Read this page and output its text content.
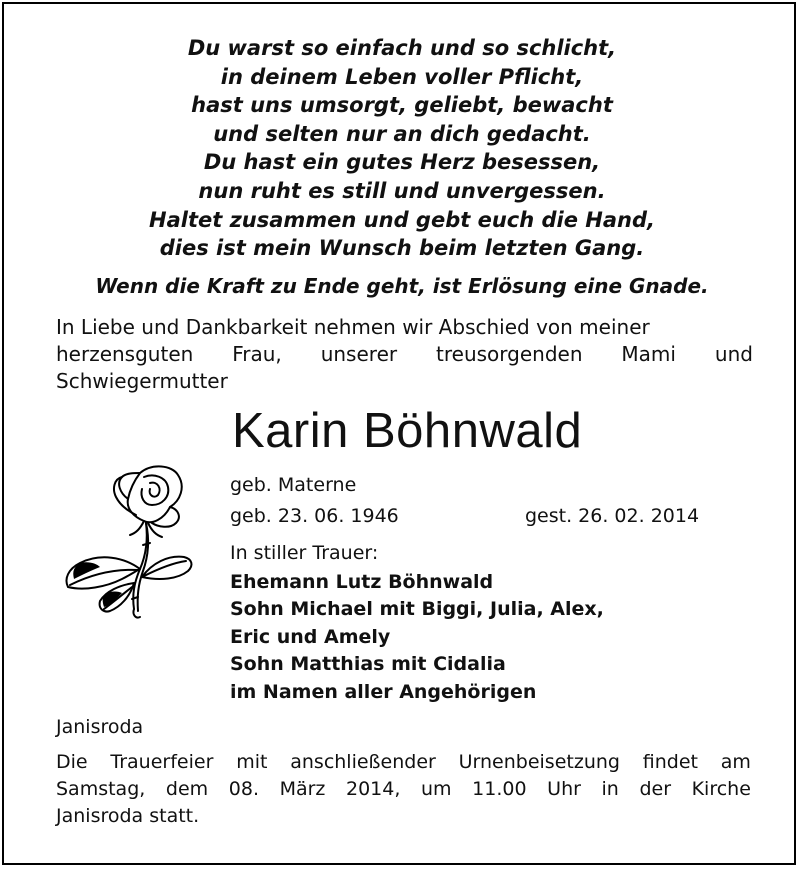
Du warst so einfach und so schlicht,
in deinem Leben voller Pflicht,
hast uns umsorgt, geliebt, bewacht
und selten nur an dich gedacht.
Du hast ein gutes Herz besessen,
nun ruht es still und unvergessen.
Haltet zusammen und gebt euch die Hand,
dies ist mein Wunsch beim letzten Gang.
Wenn die Kraft zu Ende geht, ist Erlösung eine Gnade.
In Liebe und Dankbarkeit nehmen wir Abschied von meiner
herzensguten Frau, unserer treusorgenden Mami und
Schwiegermutter
Karin Böhnwald
geb. Materne
geb. 23. 06. 1946	gest. 26. 02. 2014
In stiller Trauer:
Ehemann Lutz Böhnwald
Sohn Michael mit Biggi, Julia, Alex,
Eric und Amely
Sohn Matthias mit Cidalia
im Namen aller Angehörigen
Janisroda
Die Trauerfeier mit anschließender Urnenbeisetzung findet am
Samstag, dem 08. März 2014, um 11.00 Uhr in der Kirche
Janisroda statt.
